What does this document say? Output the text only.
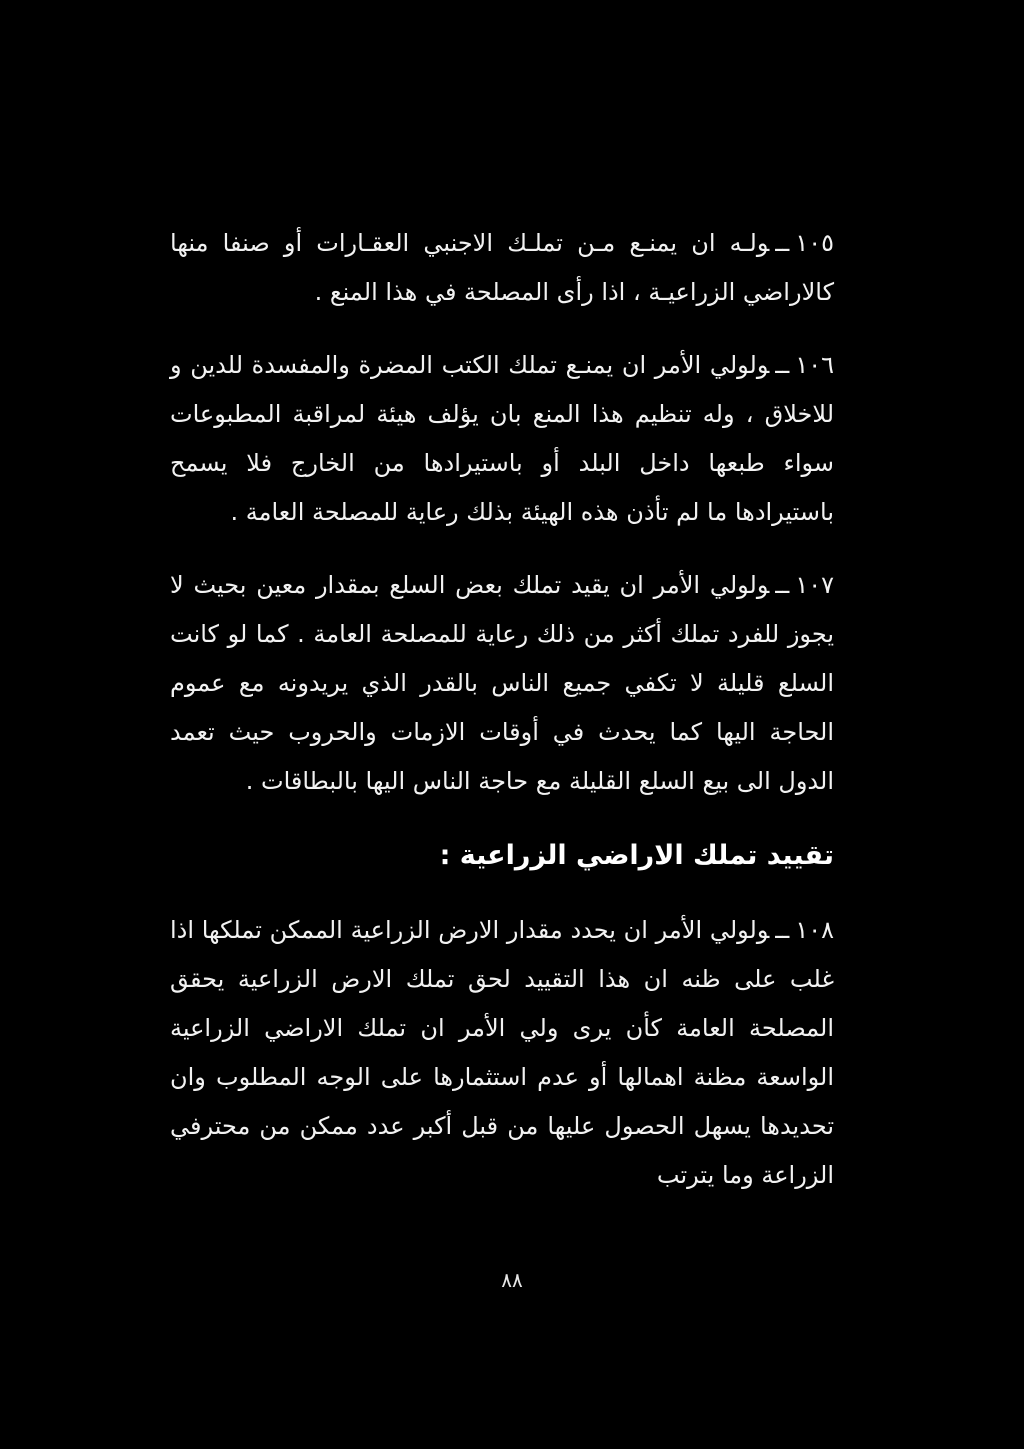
١٠٥ــولـه ان يمنـع مـن تملـك الاجنبي العقـارات أو صنفا منها كالاراضي الزراعيـة ، اذا رأى المصلحة في هذا المنع .

١٠٦ــولولي الأمر ان يمنـع تملك الكتب المضرة والمفسدة للدين و للاخلاق ، وله تنظيم هذا المنع بان يؤلف هيئة لمراقبة المطبوعات سواء طبعها داخل البلد أو باستيرادها من الخارج فلا يسمح باستيرادها ما لم تأذن هذه الهيئة بذلك رعاية للمصلحة العامة .

١٠٧ــولولي الأمر ان يقيد تملك بعض السلع بمقدار معين بحيث لا يجوز للفرد تملك أكثر من ذلك رعاية للمصلحة العامة . كما لو كانت السلع قليلة لا تكفي جميع الناس بالقدر الذي يريدونه مع عموم الحاجة اليها كما يحدث في أوقات الازمات والحروب حيث تعمد الدول الى بيع السلع القليلة مع حاجة الناس اليها بالبطاقات .

تقييد تملك الاراضي الزراعية :

١٠٨ــولولي الأمر ان يحدد مقدار الارض الزراعية الممكن تملكها اذا غلب على ظنه ان هذا التقييد لحق تملك الارض الزراعية يحقق المصلحة العامة كأن يرى ولي الأمر ان تملك الاراضي الزراعية الواسعة مظنة اهمالها أو عدم استثمارها على الوجه المطلوب وان تحديدها يسهل الحصول عليها من قبل أكبر عدد ممكن من محترفي الزراعة وما يترتب

٨٨
